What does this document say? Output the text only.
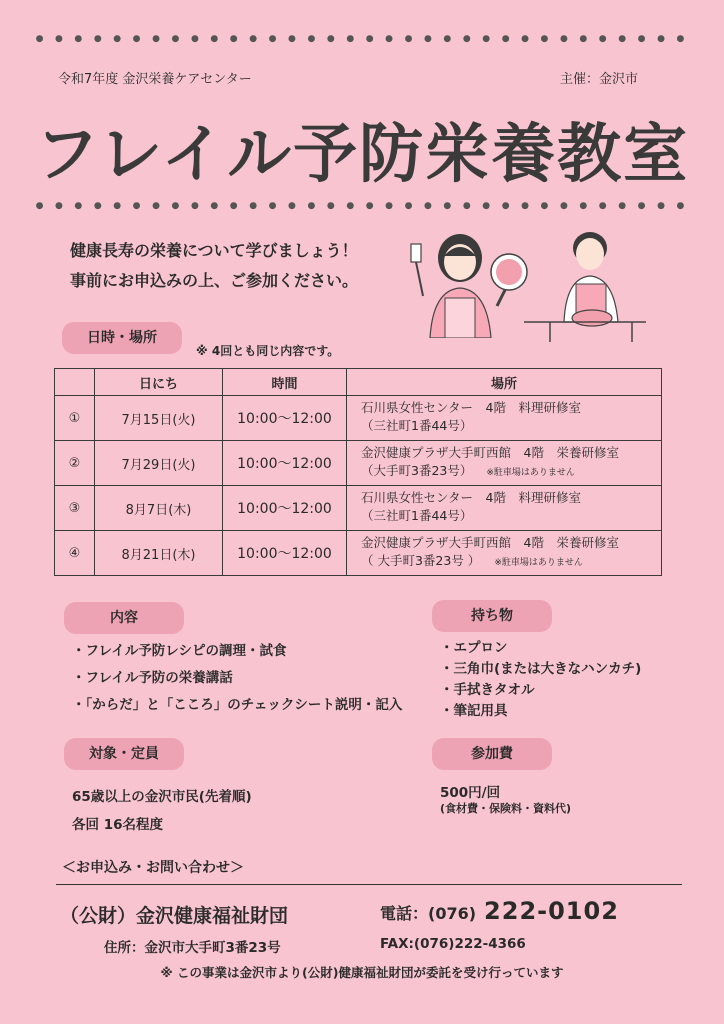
●	●	●	●	●	●	●	●	●	●	●	●	●	●	●	●	●	●	●	●	●	●	●	●	●	●	●	●	●	●	●	●	●	●
●	●	●	●	●	●	●	●	●	●	●	●	●	●	●	●	●	●	●	●	●	●	●	●	●	●	●	●	●	●	●	●	●	●
令和7年度 金沢栄養ケアセンター	主催：金沢市
フレイル予防栄養教室
健康長寿の栄養について学びましょう！
事前にお申込みの上、ご参加ください。
日時・場所
※ 4回とも同じ内容です。
	日にち	時間	場所
①	7月15日(火)	10:00～12:00	石川県女性センター　4階　料理研修室
（三社町1番44号）

②	7月29日(火)	10:00～12:00	金沢健康プラザ大手町西館　4階　栄養研修室
（大手町3番23号） ※駐車場はありません

③	8月7日(木)	10:00～12:00	石川県女性センター　4階　料理研修室
（三社町1番44号）

④	8月21日(木)	10:00～12:00	金沢健康プラザ大手町西館　4階　栄養研修室
（ 大手町3番23号 ） ※駐車場はありません
内容
・フレイル予防レシピの調理・試食
・フレイル予防の栄養講話
・「からだ」と「こころ」のチェックシート説明・記入
持ち物
・エプロン
・三角巾(または大きなハンカチ)
・手拭きタオル
・筆記用具
対象・定員
65歳以上の金沢市民(先着順)
各回 16名程度
参加費
500円/回
(食材費・保険料・資料代)
＜お申込み・お問い合わせ＞
（公財）金沢健康福祉財団	電話：(076) 222-0102
住所：金沢市大手町3番23号	FAX:(076)222-4366
※ この事業は金沢市より(公財)健康福祉財団が委託を受け行っています
